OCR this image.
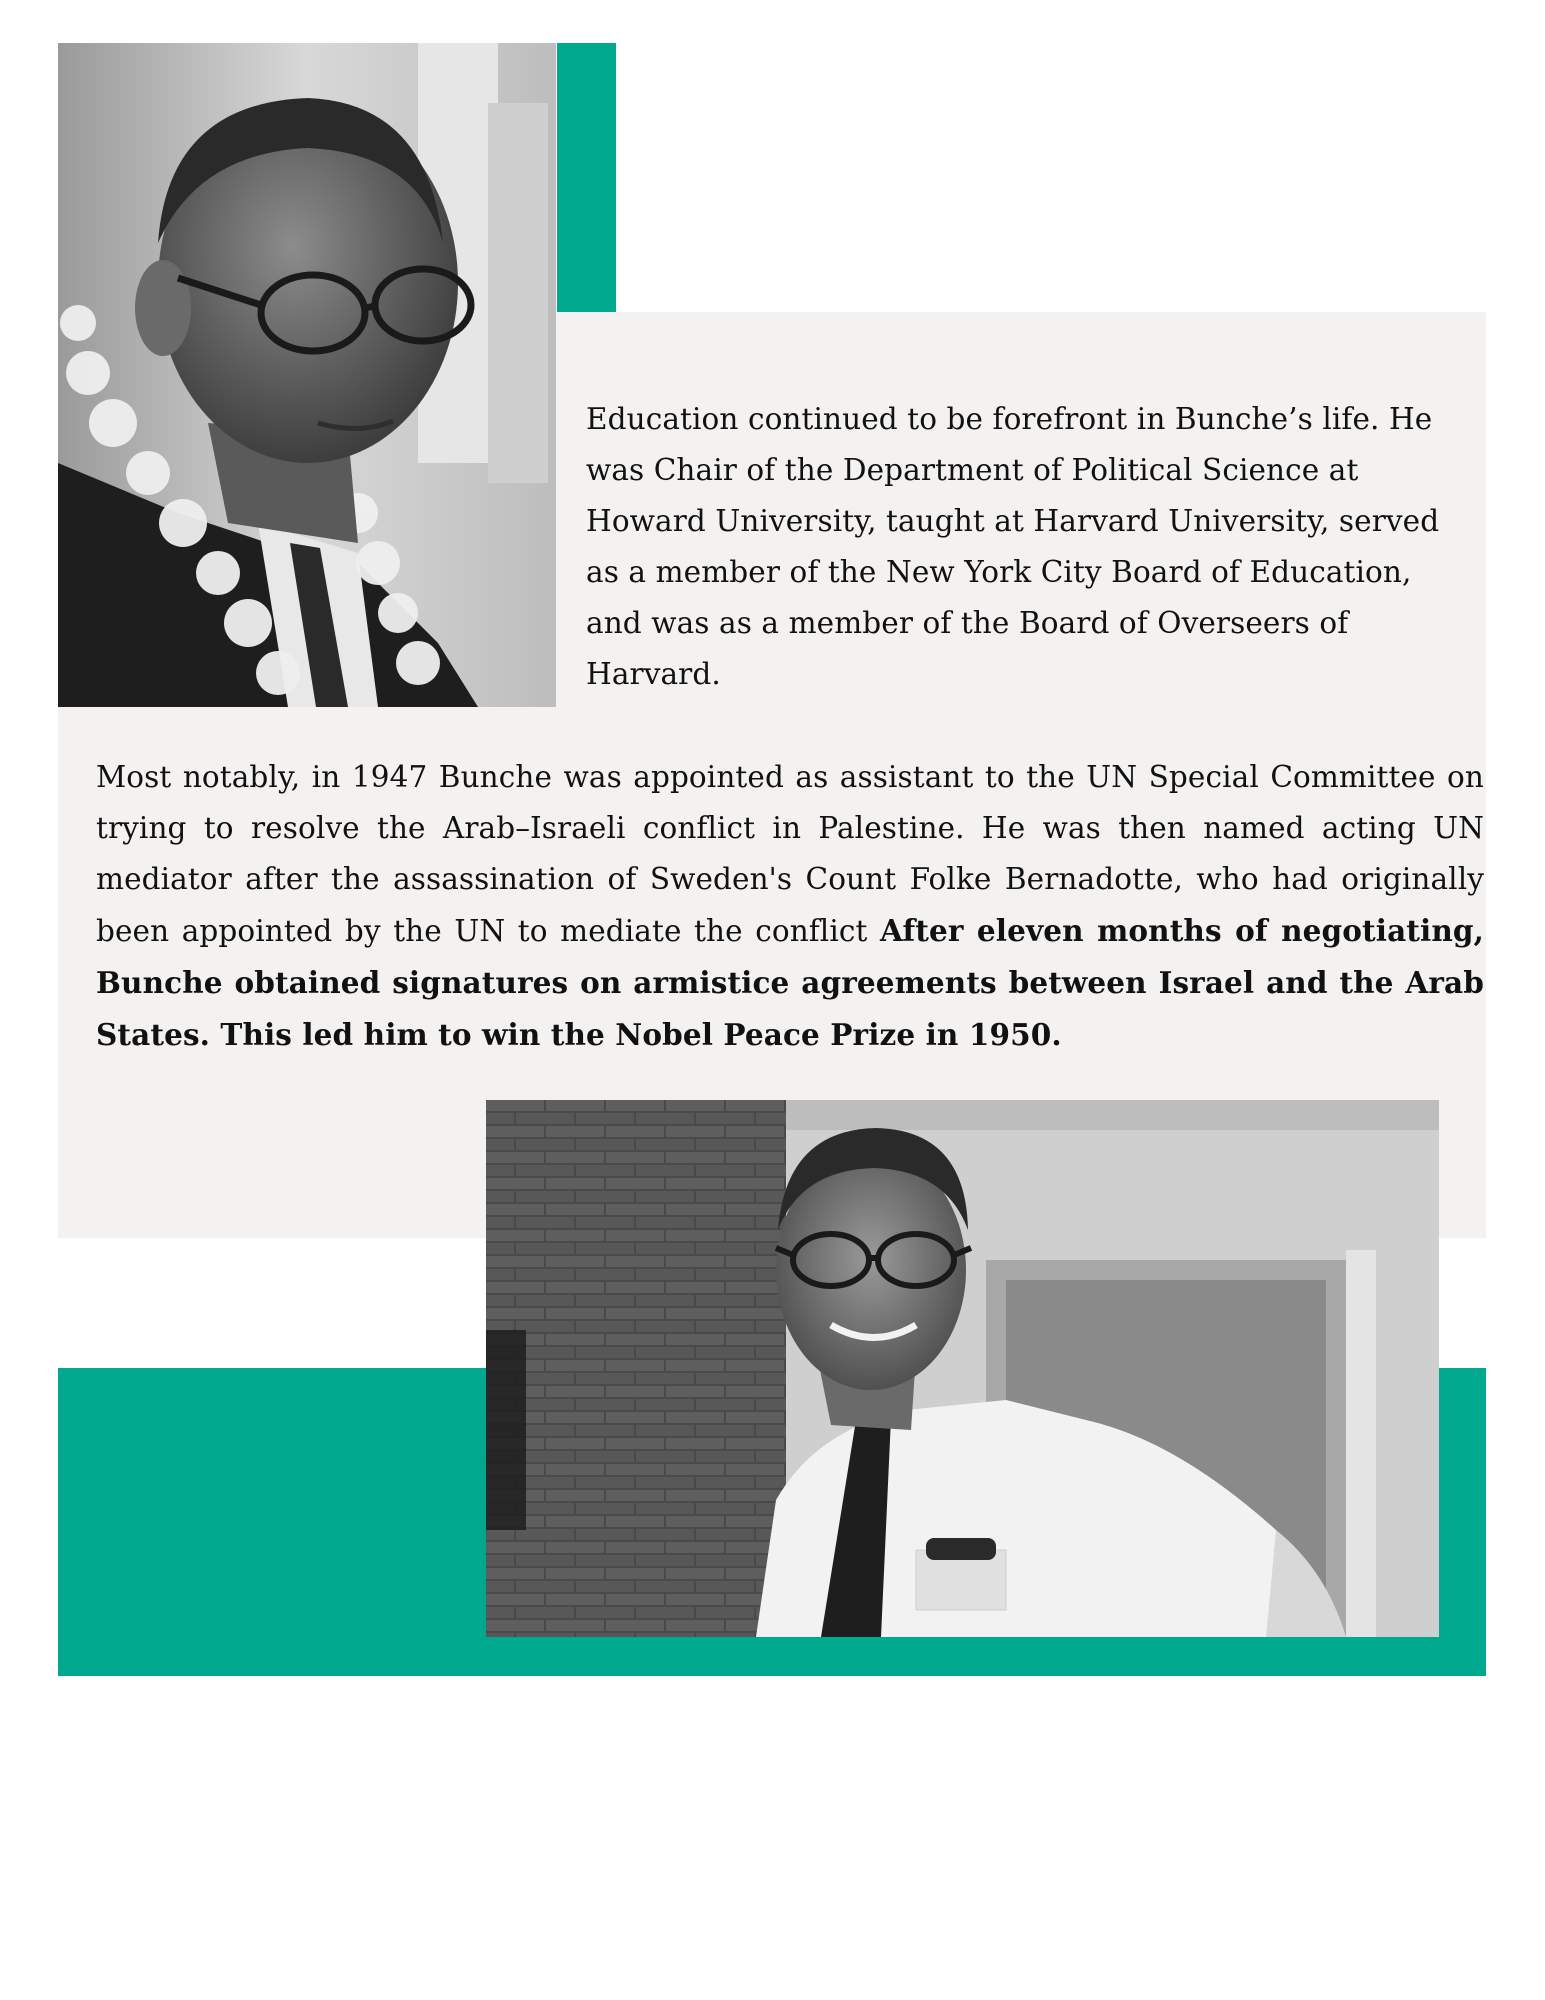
Education continued to be forefront in Bunche’s life. He was Chair of the Department of Political Science at Howard University, taught at Harvard University, served as a member of the New York City Board of Education, and was as a member of the Board of Overseers of Harvard.

Most notably, in 1947 Bunche was appointed as assistant to the UN Special Committee on trying to resolve the Arab–Israeli conflict in Palestine. He was then named acting UN mediator after the assassination of Sweden's Count Folke Bernadotte, who had originally been appointed by the UN to mediate the conflict After eleven months of negotiating, Bunche obtained signatures on armistice agreements between Israel and the Arab States. This led him to win the Nobel Peace Prize in 1950.
